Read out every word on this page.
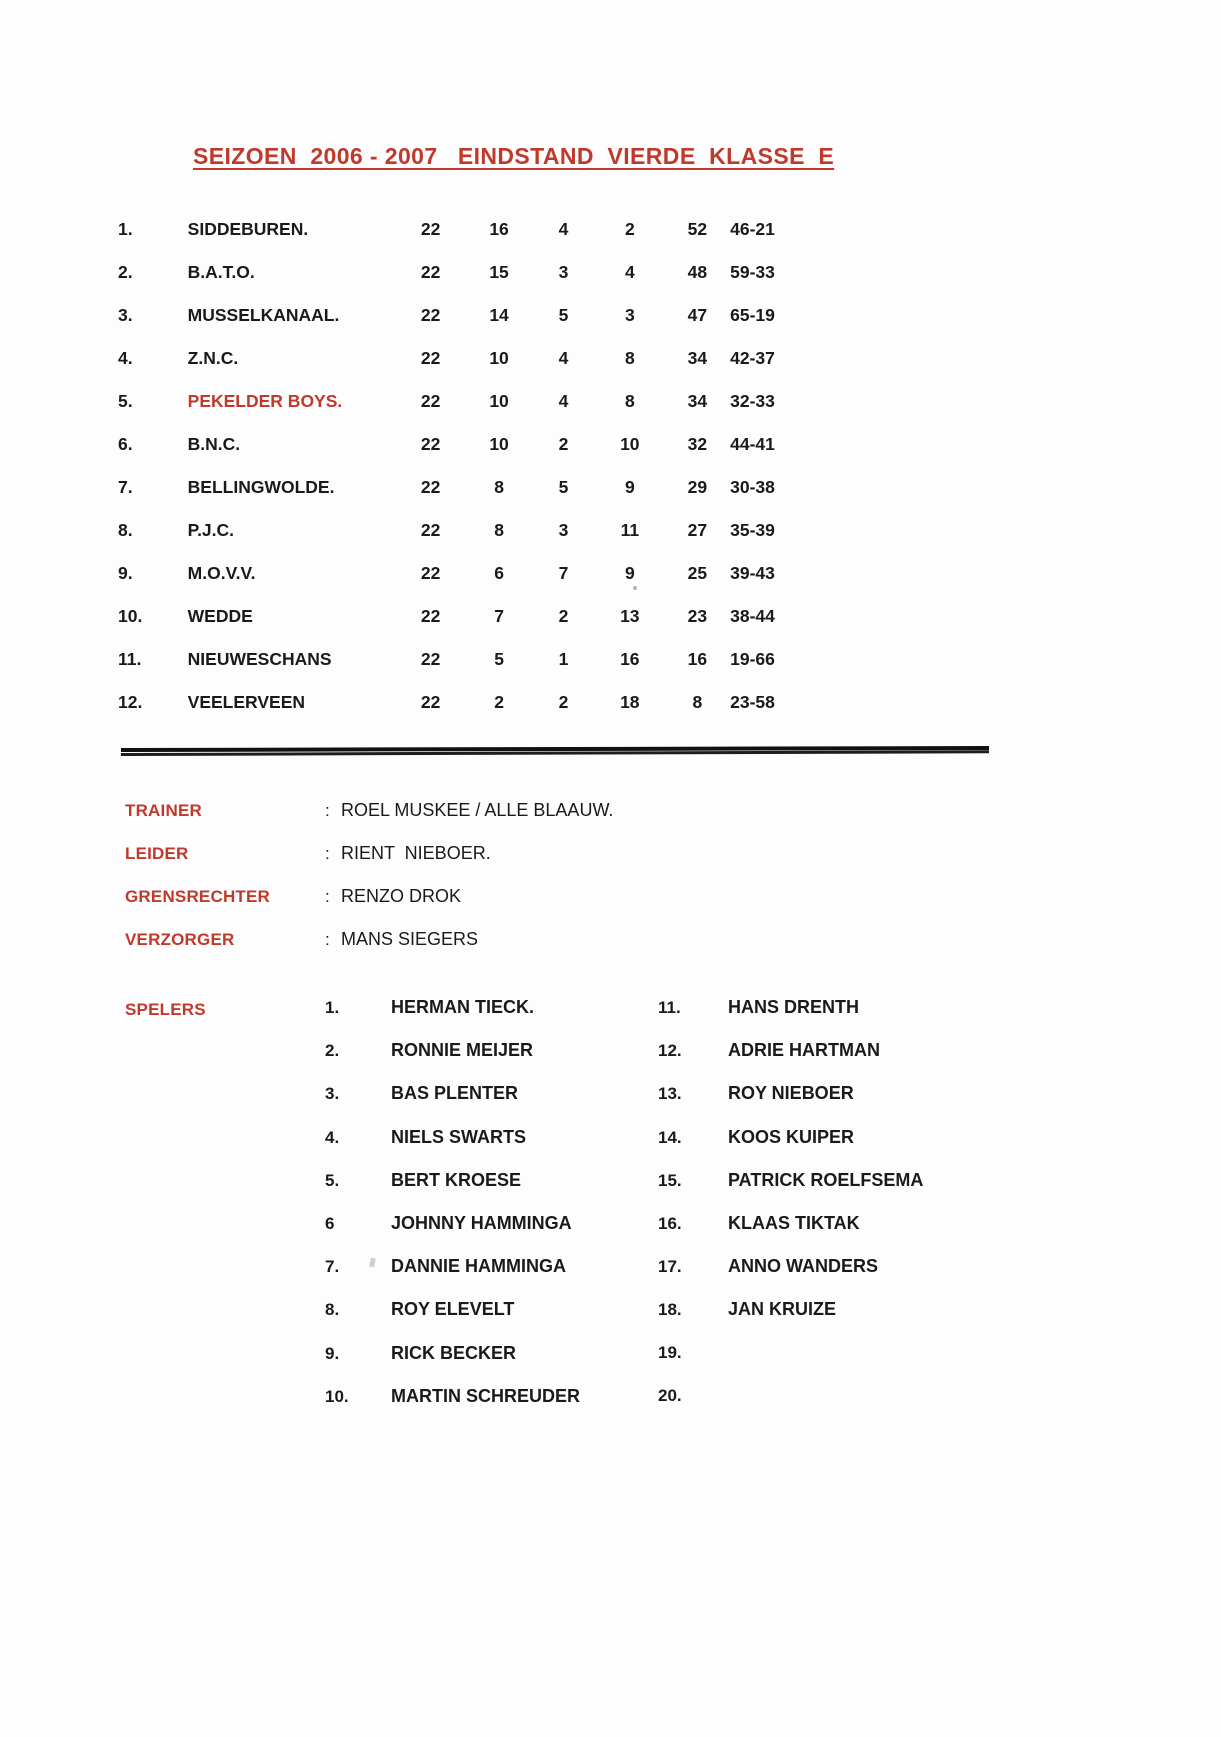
SEIZOEN  2006 - 2007   EINDSTAND  VIERDE  KLASSE  E
1.	SIDDEBUREN.	22	16	4	2	52	46-21
2.	B.A.T.O.	22	15	3	4	48	59-33
3.	MUSSELKANAAL.	22	14	5	3	47	65-19
4.	Z.N.C.	22	10	4	8	34	42-37
5.	PEKELDER BOYS.	22	10	4	8	34	32-33
6.	B.N.C.	22	10	2	10	32	44-41
7.	BELLINGWOLDE.	22	8	5	9	29	30-38
8.	P.J.C.	22	8	3	11	27	35-39
9.	M.O.V.V.	22	6	7	9	25	39-43
10.	WEDDE	22	7	2	13	23	38-44
11.	NIEUWESCHANS	22	5	1	16	16	19-66
12.	VEELERVEEN	22	2	2	18	8	23-58
TRAINER	: ROEL MUSKEE / ALLE BLAAUW.
LEIDER	: RIENT  NIEBOER.
GRENSRECHTER	: RENZO DROK
VERZORGER	: MANS SIEGERS
SPELERS	1.	HERMAN TIECK.
2.	RONNIE MEIJER
3.	BAS PLENTER
4.	NIELS SWARTS
5.	BERT KROESE
6	JOHNNY HAMMINGA
7.	DANNIE HAMMINGA
8.	ROY ELEVELT
9.	RICK BECKER
10.	MARTIN SCHREUDER
11.	HANS DRENTH
12.	ADRIE HARTMAN
13.	ROY NIEBOER
14.	KOOS KUIPER
15.	PATRICK ROELFSEMA
16.	KLAAS TIKTAK
17.	ANNO WANDERS
18.	JAN KRUIZE
19.
20.
